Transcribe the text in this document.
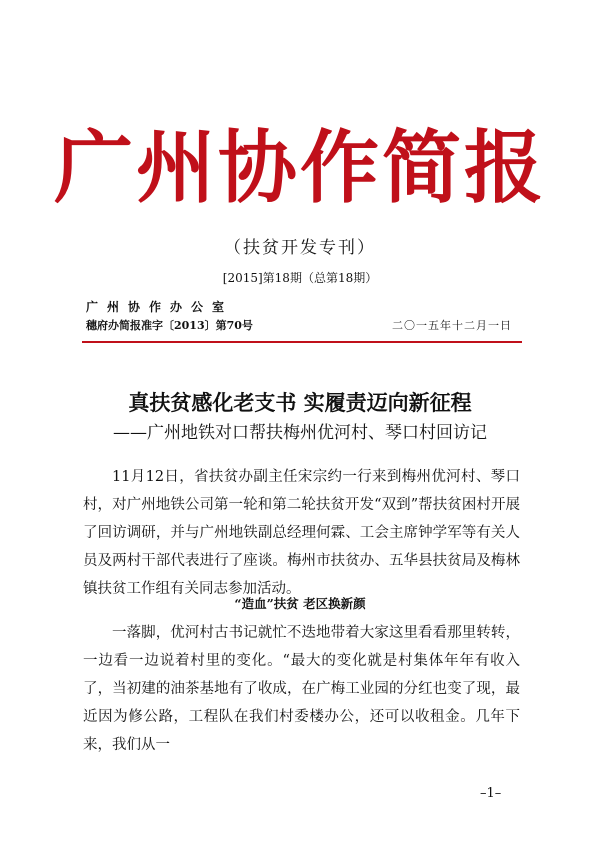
广州协作简报
（扶贫开发专刊）
[2015]第18期（总第18期）
广州协作办公室
穗府办简报准字〔2013〕第70号	二〇一五年十二月一日
真扶贫感化老支书 实履责迈向新征程
——广州地铁对口帮扶梅州优河村、琴口村回访记

11月12日，省扶贫办副主任宋宗约一行来到梅州优河村、琴口村，对广州地铁公司第一轮和第二轮扶贫开发“双到”帮扶贫困村开展了回访调研，并与广州地铁副总经理何霖、工会主席钟学军等有关人员及两村干部代表进行了座谈。梅州市扶贫办、五华县扶贫局及梅林镇扶贫工作组有关同志参加活动。

“造血”扶贫 老区换新颜

一落脚，优河村古书记就忙不迭地带着大家这里看看那里转转，一边看一边说着村里的变化。“最大的变化就是村集体年年有收入了，当初建的油茶基地有了收成，在广梅工业园的分红也变了现，最近因为修公路，工程队在我们村委楼办公，还可以收租金。几年下来，我们从一

–1–
